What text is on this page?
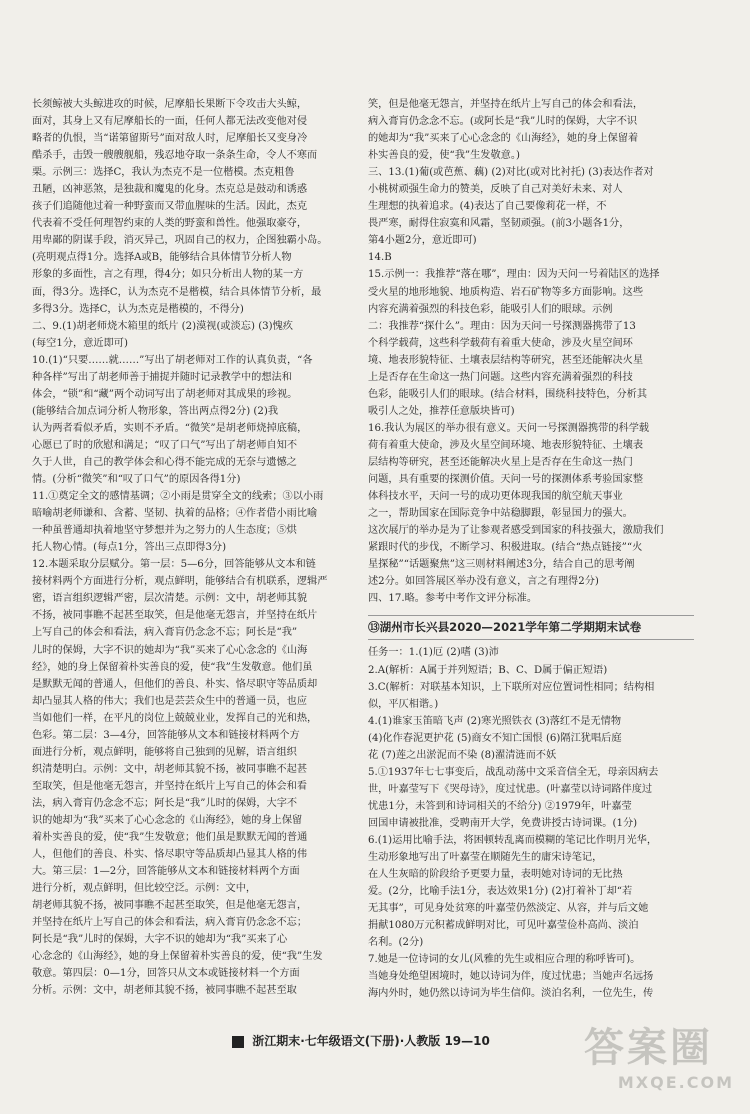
长须鲸被大头鲸进攻的时候，尼摩船长果断下令攻击大头鲸，

面对，其身上又有尼摩船长的一面，任何人都无法改变他对侵

略者的仇恨，当“诺第留斯号”面对敌人时，尼摩船长又变身冷

酷杀手，击毁一艘艘舰船，残忍地夺取一条条生命，令人不寒而

栗。示例三：选择C，我认为杰克不是一位楷模。杰克粗鲁

丑陋，凶神恶煞，是独裁和魔鬼的化身。杰克总是鼓动和诱惑

孩子们追随他过着一种野蛮而又带血腥味的生活。因此，杰克

代表着不受任何理智约束的人类的野蛮和兽性。他强取豪夺，

用卑鄙的阴谋手段，消灭异己，巩固自己的权力，企图独霸小岛。

(亮明观点得1分。选择A或B，能够结合具体情节分析人物

形象的多面性，言之有理，得4分；如只分析出人物的某一方

面，得3分。选择C，认为杰克不是楷模，结合具体情节分析，最

多得3分。选择C，认为杰克是楷模的，不得分)

二、9.(1)胡老师烧木箱里的纸片 (2)漠视(或淡忘) (3)愧疚

(每空1分，意近即可)

10.(1)“只要……就……”写出了胡老师对工作的认真负责，“各

种各样”写出了胡老师善于捕捉并随时记录教学中的想法和

体会，“锁”和“藏”两个动词写出了胡老师对其成果的珍视。

(能够结合加点词分析人物形象，答出两点得2分) (2)我

认为两者看似矛盾，实则不矛盾。“微笑”是胡老师烧掉底稿，

心愿已了时的欣慰和满足；“叹了口气”写出了胡老师自知不

久于人世，自己的教学体会和心得不能完成的无奈与遗憾之

情。(分析“微笑”和“叹了口气”的原因各得1分)

11.①奠定全文的感情基调；②小雨是贯穿全文的线索；③以小雨

暗喻胡老师谦和、含蓄、坚韧、执着的品格；④作者借小雨比喻

一种虽普通却执着地坚守梦想并为之努力的人生态度；⑤烘

托人物心情。(每点1分，答出三点即得3分)

12.本题采取分层赋分。第一层：5—6分，回答能够从文本和链

接材料两个方面进行分析，观点鲜明，能够结合有机联系，逻辑严

密，语言组织逻辑严密，层次清楚。示例：文中，胡老师其貌

不扬，被同事瞧不起甚至取笑，但是他毫无怨言，并坚持在纸片

上写自己的体会和看法，病入膏肓仍念念不忘；阿长是“我”

儿时的保姆，大字不识的她却为“我”买来了心心念念的《山海

经》，她的身上保留着朴实善良的爱，使“我”生发敬意。他们虽

是默默无闻的普通人，但他们的善良、朴实、恪尽职守等品质却

却凸显其人格的伟大；我们也是芸芸众生中的普通一员，也应

当如他们一样，在平凡的岗位上兢兢业业，发挥自己的光和热，

色彩。第二层：3—4分，回答能够从文本和链接材料两个方

面进行分析，观点鲜明，能够将自己独到的见解，语言组织

织清楚明白。示例：文中，胡老师其貌不扬，被同事瞧不起甚

至取笑，但是他毫无怨言，并坚持在纸片上写自己的体会和看

法，病入膏肓仍念念不忘；阿长是“我”儿时的保姆，大字不

识的她却为“我”买来了心心念念的《山海经》，她的身上保留

着朴实善良的爱，使“我”生发敬意；他们虽是默默无闻的普通

人，但他们的善良、朴实、恪尽职守等品质却凸显其人格的伟

大。第三层：1—2分，回答能够从文本和链接材料两个方面

进行分析，观点鲜明，但比较空泛。示例：文中，

胡老师其貌不扬，被同事瞧不起甚至取笑，但是他毫无怨言，

并坚持在纸片上写自己的体会和看法，病入膏肓仍念念不忘；

阿长是“我”儿时的保姆，大字不识的她却为“我”买来了心

心念念的《山海经》，她的身上保留着朴实善良的爱，使“我”生发

敬意。第四层：0—1分，回答只从文本或链接材料一个方面

分析。示例：文中，胡老师其貌不扬，被同事瞧不起甚至取

笑，但是他毫无怨言，并坚持在纸片上写自己的体会和看法，

病入膏肓仍念念不忘。(或阿长是“我”儿时的保姆，大字不识

的她却为“我”买来了心心念念的《山海经》，她的身上保留着

朴实善良的爱，使“我”生发敬意。)

三、13.(1)葡(或芭蕉、藕) (2)对比(或对比衬托) (3)表达作者对

小桃树顽强生命力的赞美，反映了自己对美好未来、对人

生理想的执着追求。(4)表达了自己要像莉花一样，不

畏严寒，耐得住寂寞和风霜，坚韧顽强。(前3小题各1分，

第4小题2分，意近即可)

14.B

15.示例一：我推荐“落在哪”，理由：因为天问一号着陆区的选择

受火星的地形地貌、地质构造、岩石矿物等多方面影响。这些

内容充满着强烈的科技色彩，能吸引人们的眼球。示例

二：我推荐“探什么”。理由：因为天问一号探测器携带了13

个科学载荷，这些科学载荷有着重大使命，涉及火星空间环

境、地表形貌特征、土壤表层结构等研究，甚至还能解决火星

上是否存在生命这一热门问题。这些内容充满着强烈的科技

色彩，能吸引人们的眼球。(结合材料，围绕科技特色，分析其

吸引人之处，推荐任意版块皆可)

16.我认为展区的举办很有意义。天问一号探测器携带的科学载

荷有着重大使命，涉及火星空间环境、地表形貌特征、土壤表

层结构等研究，甚至还能解决火星上是否存在生命这一热门

问题，具有重要的探测价值。天问一号的探测体系考验国家整

体科技水平，天问一号的成功更体现我国的航空航天事业

之一，帮助国家在国际竞争中站稳脚跟，彰显国力的强大。

这次展厅的举办是为了让参观者感受到国家的科技强大，激励我们

紧跟时代的步伐，不断学习、积极进取。(结合“热点链接”“火

星探秘”“话题聚焦”这三则材料阐述3分，结合自己的思考阐

述2分。如回答展区举办没有意义，言之有理得2分)

四、17.略。参考中考作文评分标准。

⑬湖州市长兴县2020—2021学年第二学期期末试卷

任务一：1.(1)厄 (2)嗜 (3)沛

2.A(解析：A属于并列短语；B、C、D属于偏正短语)

3.C(解析：对联基本知识，上下联所对应位置词性相同；结构相

似，平仄相谐。)

4.(1)谁家玉笛暗飞声 (2)寒光照铁衣 (3)落红不是无情物

(4)化作春泥更护花 (5)商女不知亡国恨 (6)隔江犹唱后庭

花 (7)莲之出淤泥而不染 (8)濯清涟而不妖

5.①1937年七七事变后，战乱动荡中文采音信全无，母亲因病去

世，叶嘉莹写下《哭母诗》，度过忧患。(叶嘉莹以诗词路伴度过

忧患1分，未答到和诗词相关的不给分) ②1979年，叶嘉莹

回国申请被批准，受聘南开大学，免费讲授古诗词课。(1分)

6.(1)运用比喻手法，将困顿转乱离而模糊的笔记比作明月光华，

生动形象地写出了叶嘉莹在顺随先生的庸宋诗笔记，

在人生灰暗的阶段给予更要力量，表明她对诗词的无比热

爱。(2分，比喻手法1分，表达效果1分) (2)打着补丁却“若

无其事”，可见身处贫寒的叶嘉莹仍然淡定、从容，并与后文她

捐献1080万元积蓄成鲜明对比，可见叶嘉莹俭朴高尚、淡泊

名利。(2分)

7.她是一位诗词的女儿(风雅的先生或相应合理的称呼皆可)。

当她身处绝望困境时，她以诗词为伴，度过忧患；当她声名远扬

海内外时，她仍然以诗词为毕生信仰。淡泊名利，一位先生，传

浙江期末·七年级语文(下册)·人教版 19—10 答案圈
MXQE.COM
